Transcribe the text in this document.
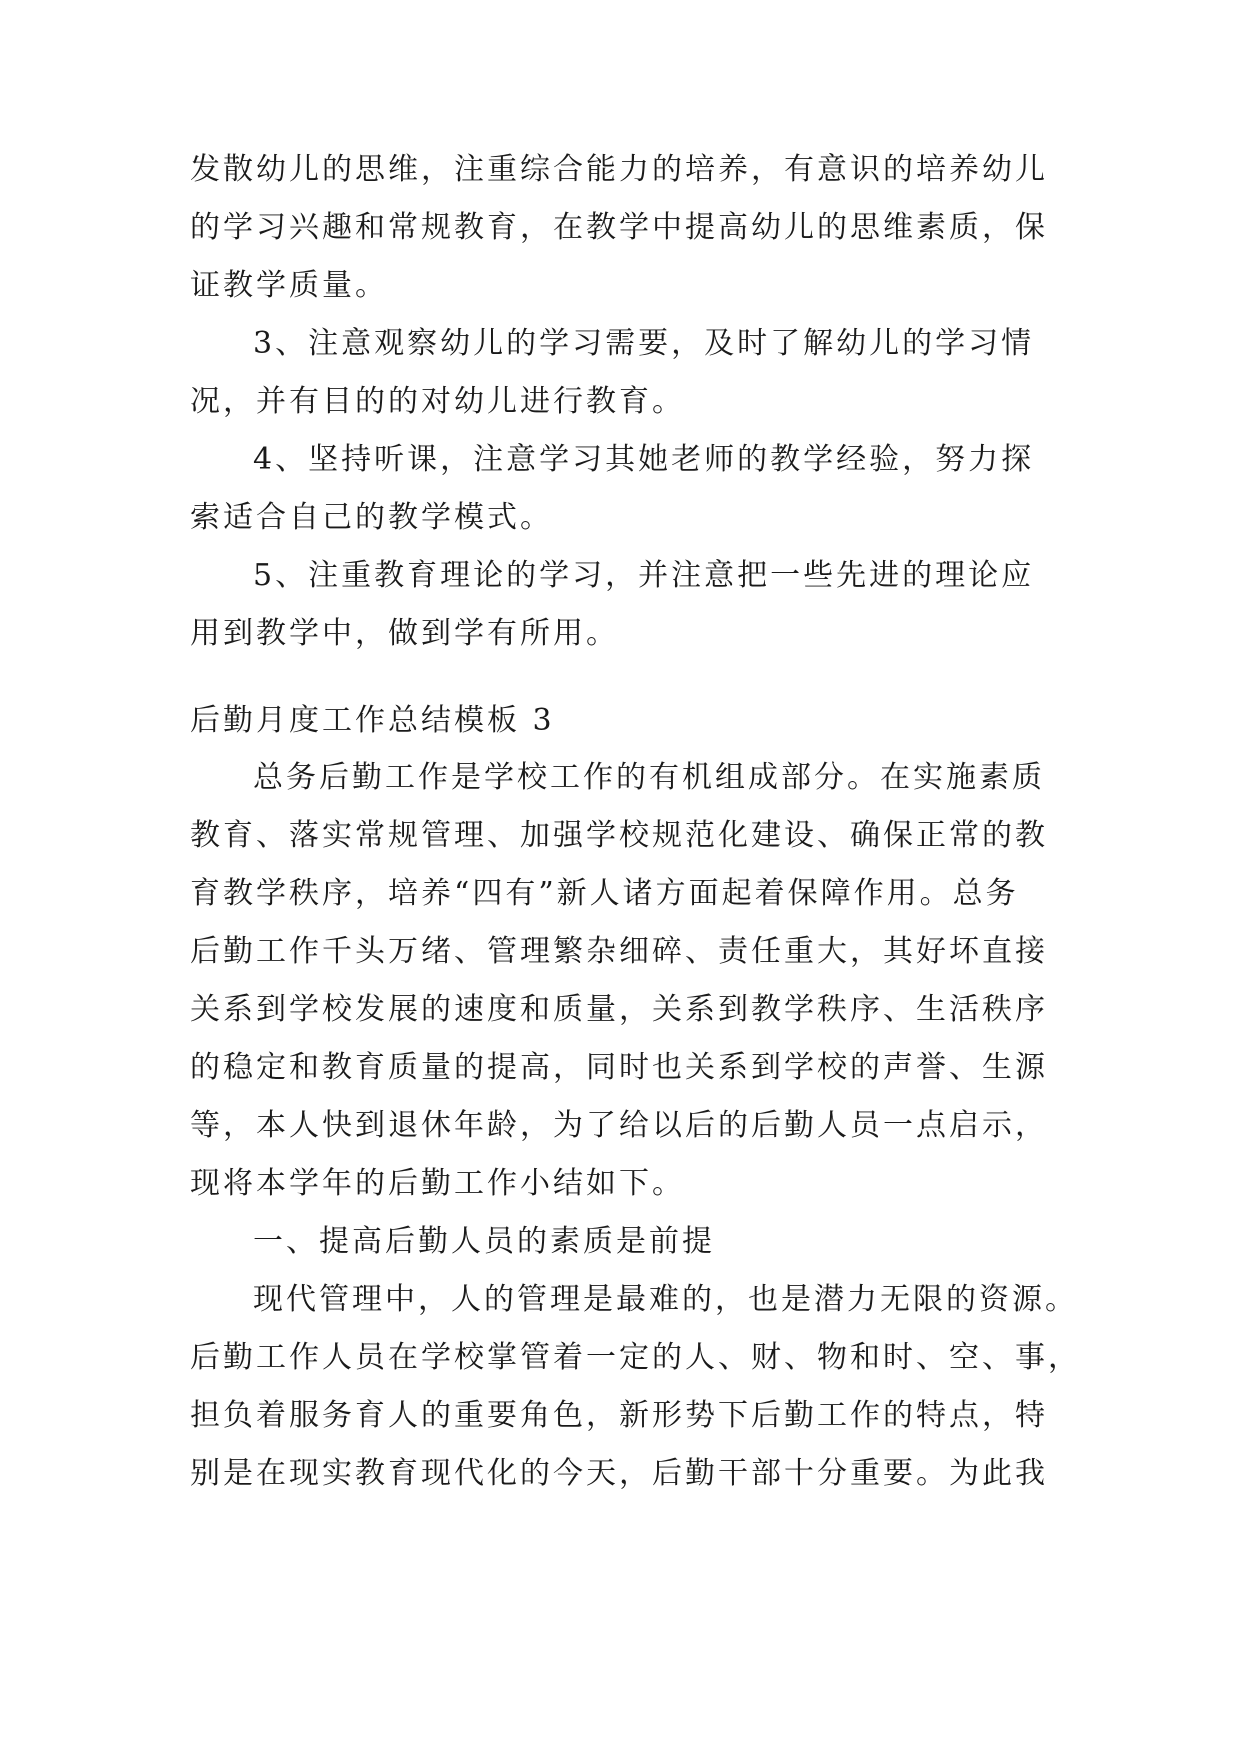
发散幼儿的思维，注重综合能力的培养，有意识的培养幼儿
的学习兴趣和常规教育，在教学中提高幼儿的思维素质，保
证教学质量。
3、注意观察幼儿的学习需要，及时了解幼儿的学习情
况，并有目的的对幼儿进行教育。
4、坚持听课，注意学习其她老师的教学经验，努力探
索适合自己的教学模式。
5、注重教育理论的学习，并注意把一些先进的理论应
用到教学中，做到学有所用。
后勤月度工作总结模板 3
总务后勤工作是学校工作的有机组成部分。在实施素质
教育、落实常规管理、加强学校规范化建设、确保正常的教
育教学秩序，培养“四有”新人诸方面起着保障作用。总务
后勤工作千头万绪、管理繁杂细碎、责任重大，其好坏直接
关系到学校发展的速度和质量，关系到教学秩序、生活秩序
的稳定和教育质量的提高，同时也关系到学校的声誉、生源
等，本人快到退休年龄，为了给以后的后勤人员一点启示，
现将本学年的后勤工作小结如下。
一、提高后勤人员的素质是前提
现代管理中，人的管理是最难的，也是潜力无限的资源。
后勤工作人员在学校掌管着一定的人、财、物和时、空、事，
担负着服务育人的重要角色，新形势下后勤工作的特点，特
别是在现实教育现代化的今天，后勤干部十分重要。为此我
